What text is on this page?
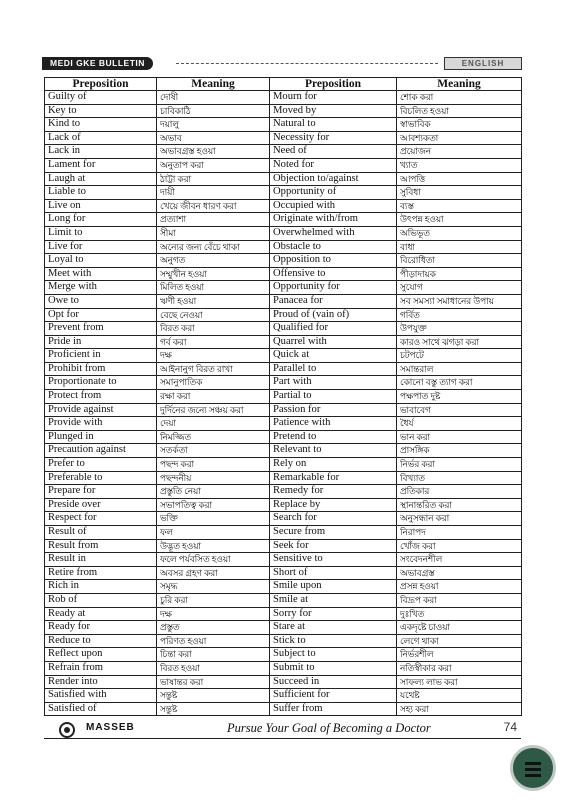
MEDI GKE BULLETIN	ENGLISH
Preposition	Meaning	Preposition	Meaning
Guilty of	দোষী	Mourn for	শোক করা
Key to	চাবিকাঠি	Moved by	বিচলিত হওয়া
Kind to	দয়ালু	Natural to	স্বাভাবিক
Lack of	অভাব	Necessity for	আবশ্যকতা
Lack in	অভাবগ্রস্ত হওয়া	Need of	প্রয়োজন
Lament for	অনুতাপ করা	Noted for	খ্যাত
Laugh at	ঠাট্টা করা	Objection to/against	আপত্তি
Liable to	দায়ী	Opportunity of	সুবিধা
Live on	খেয়ে জীবন ধারণ করা	Occupied with	ব্যস্ত
Long for	প্রত্যাশা	Originate with/from	উৎপন্ন হওয়া
Limit to	সীমা	Overwhelmed with	অভিভূত
Live for	অন্যের জন্য বেঁচে থাকা	Obstacle to	বাধা
Loyal to	অনুগত	Opposition to	বিরোধিতা
Meet with	সম্মুখীন হওয়া	Offensive to	পীড়াদায়ক
Merge with	মিলিত হওয়া	Opportunity for	সুযোগ
Owe to	ঋণী হওয়া	Panacea for	সব সমস্যা সমাধানের উপায়
Opt for	বেছে নেওয়া	Proud of (vain of)	গর্বিত
Prevent from	বিরত করা	Qualified for	উপযুক্ত
Pride in	গর্ব করা	Quarrel with	কারও সাথে ঝগড়া করা
Proficient in	দক্ষ	Quick at	চটপটে
Prohibit from	আইনানুগ বিরত রাখা	Parallel to	সমান্তরাল
Proportionate to	সমানুপাতিক	Part with	কোনো বস্তু ত্যাগ করা
Protect from	রক্ষা করা	Partial to	পক্ষপাত দুষ্ট
Provide against	দুর্দিনের জন্যে সঞ্চয় করা	Passion for	ভাবাবেগ
Provide with	দেয়া	Patience with	ধৈর্য
Plunged in	নিমজ্জিত	Pretend to	ভান করা
Precaution against	সতর্কতা	Relevant to	প্রাসঙ্গিক
Prefer to	পছন্দ করা	Rely on	নির্ভর করা
Preferable to	পছন্দনীয়	Remarkable for	বিখ্যাত
Prepare for	প্রস্তুতি নেয়া	Remedy for	প্রতিকার
Preside over	সভাপতিত্ব করা	Replace by	স্থানান্তরিত করা
Respect for	ভক্তি	Search for	অনুসন্ধান করা
Result of	ফল	Secure from	নিরাপদ
Result from	উদ্ভূত হওয়া	Seek for	খোঁজ করা
Result in	ফলে পর্যবসিত হওয়া	Sensitive to	সংবেদনশীল
Retire from	অবসর গ্রহণ করা	Short of	অভাবগ্রস্ত
Rich in	সমৃদ্ধ	Smile upon	প্রসন্ন হওয়া
Rob of	চুরি করা	Smile at	বিদ্রূপ করা
Ready at	দক্ষ	Sorry for	দুঃখিত
Ready for	প্রস্তুত	Stare at	একদৃষ্টে চাওয়া
Reduce to	পরিণত হওয়া	Stick to	লেগে থাকা
Reflect upon	চিন্তা করা	Subject to	নির্ভরশীল
Refrain from	বিরত হওয়া	Submit to	নতিস্বীকার করা
Render into	ভাষান্তর করা	Succeed in	সাফল্য লাভ করা
Satisfied with	সন্তুষ্ট	Sufficient for	যথেষ্ট
Satisfied of	সন্তুষ্ট	Suffer from	সহ্য করা
MASSEB	Pursue Your Goal of Becoming a Doctor	74
